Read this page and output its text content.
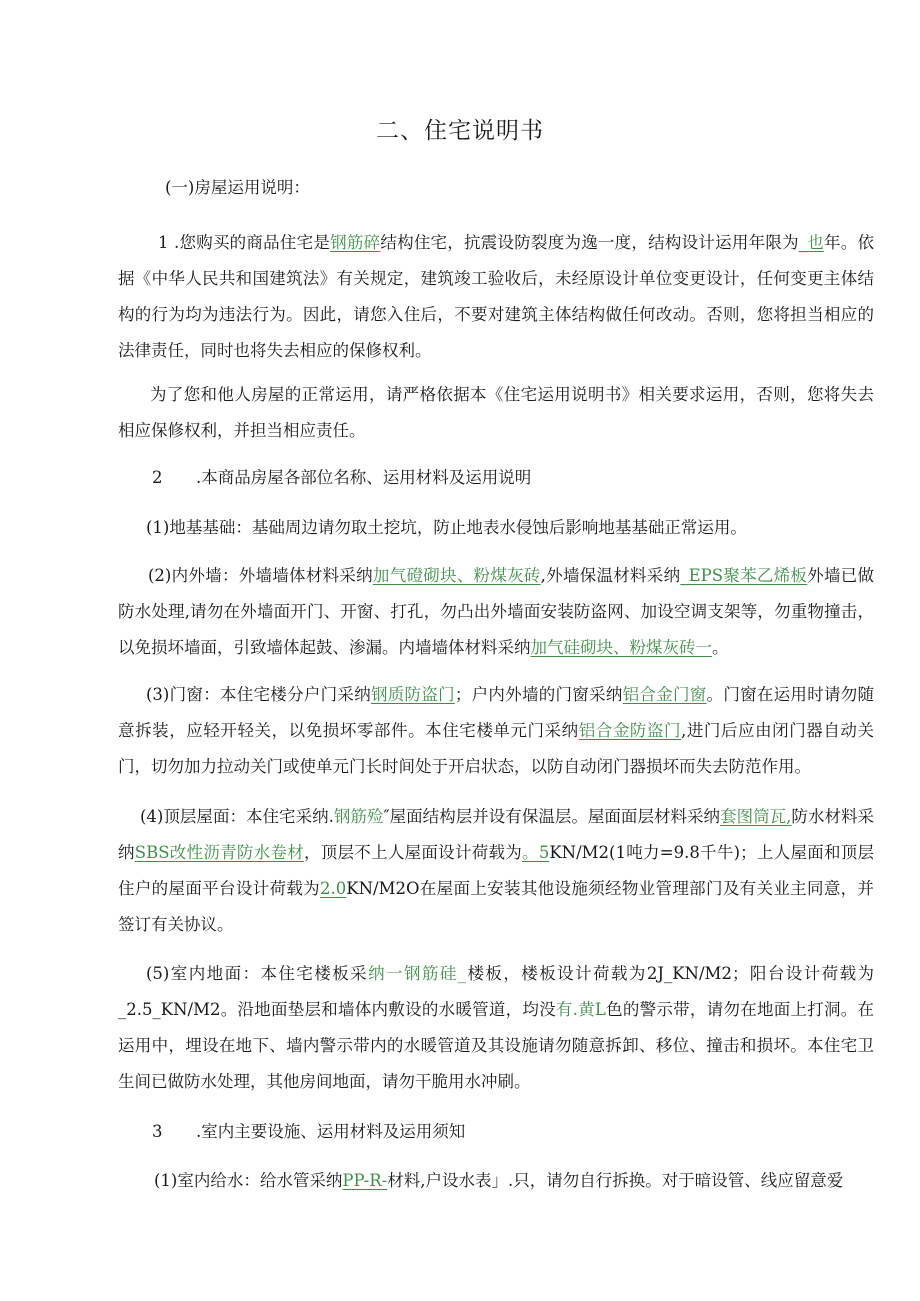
二、住宅说明书
(一)房屋运用说明：
1 .您购买的商品住宅是钢筋碎结构住宅，抗震设防裂度为逸一度，结构设计运用年限为_也年。依据《中华人民共和国建筑法》有关规定，建筑竣工验收后，未经原设计单位变更设计，任何变更主体结构的行为均为违法行为。因此，请您入住后，不要对建筑主体结构做任何改动。否则，您将担当相应的法律责任，同时也将失去相应的保修权利。
为了您和他人房屋的正常运用，请严格依据本《住宅运用说明书》相关要求运用，否则，您将失去相应保修权利，并担当相应责任。
2 .本商品房屋各部位名称、运用材料及运用说明
(1)地基基础：基础周边请勿取土挖坑，防止地表水侵蚀后影响地基基础正常运用。
(2)内外墙：外墙墙体材料采纳加气磴砌块、粉煤灰砖,外墙保温材料采纳_EPS聚苯乙烯板外墙已做防水处理,请勿在外墙面开门、开窗、打孔，勿凸出外墙面安装防盗网、加设空调支架等，勿重物撞击，以免损坏墙面，引致墙体起鼓、渗漏。内墙墙体材料采纳加气硅砌块、粉煤灰砖一。
(3)门窗：本住宅楼分户门采纳钢质防盗门；户内外墙的门窗采纳铝合金门窗。门窗在运用时请勿随意拆装，应轻开轻关，以免损坏零部件。本住宅楼单元门采纳铝合金防盗门,进门后应由闭门器自动关门，切勿加力拉动关门或使单元门长时间处于开启状态，以防自动闭门器损坏而失去防范作用。
(4)顶层屋面：本住宅采纳.钢筋殓″屋面结构层并设有保温层。屋面面层材料采纳套图筒瓦,防水材料采纳SBS改性沥青防水卷材，顶层不上人屋面设计荷载为。5KN/M2(1吨力=9.8千牛)；上人屋面和顶层住户的屋面平台设计荷载为2.0KN/M2O在屋面上安装其他设施须经物业管理部门及有关业主同意，并签订有关协议。
(5)室内地面：本住宅楼板采纳一钢筋硅_楼板，楼板设计荷载为2J_KN/M2；阳台设计荷载为_2.5_KN/M2。沿地面垫层和墙体内敷设的水暖管道，均没有.黄L色的警示带，请勿在地面上打洞。在运用中，埋设在地下、墙内警示带内的水暖管道及其设施请勿随意拆卸、移位、撞击和损坏。本住宅卫生间已做防水处理，其他房间地面，请勿干脆用水冲刷。
3 .室内主要设施、运用材料及运用须知
(1)室内给水：给水管采纳PP-R-材料,户设水表」.只，请勿自行拆换。对于暗设管、线应留意爱
